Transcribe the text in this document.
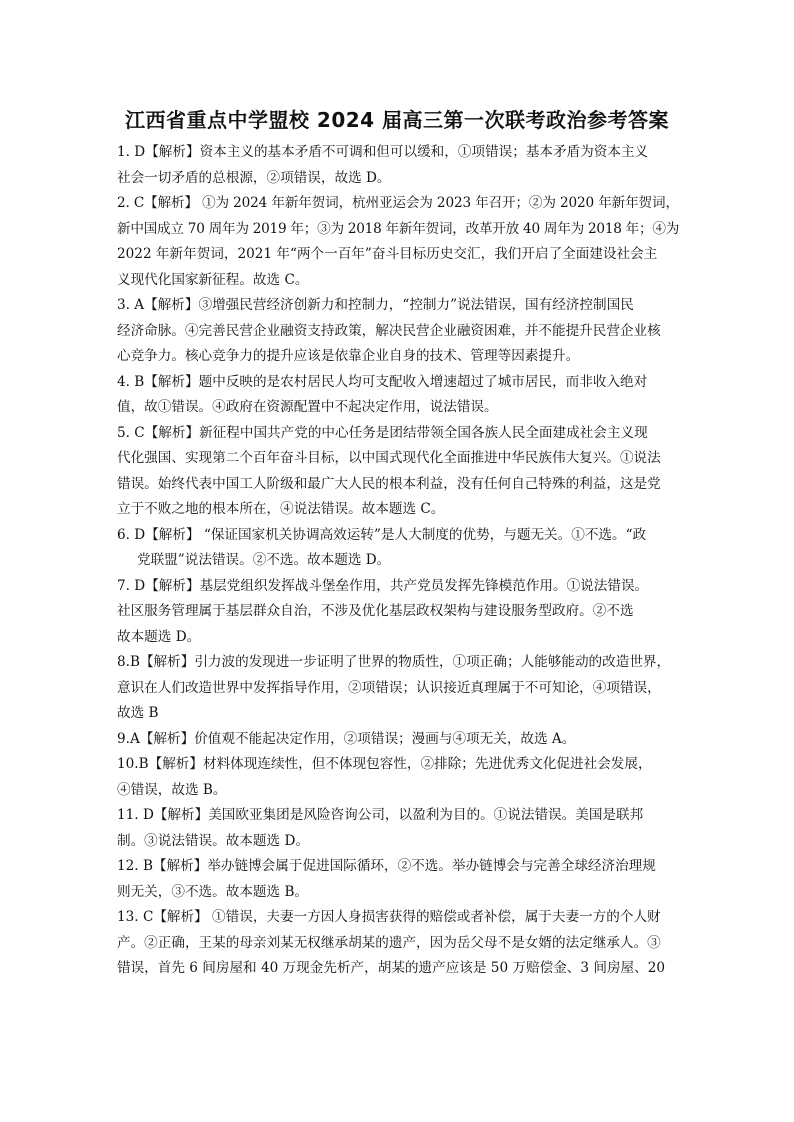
江西省重点中学盟校 2024 届高三第一次联考政治参考答案
1. D【解析】资本主义的基本矛盾不可调和但可以缓和，①项错误；基本矛盾为资本主义
社会一切矛盾的总根源，②项错误，故选 D。
2. C【解析】 ①为 2024 年新年贺词，杭州亚运会为 2023 年召开；②为 2020 年新年贺词，
新中国成立 70 周年为 2019 年；③为 2018 年新年贺词，改革开放 40 周年为 2018 年；④为
2022 年新年贺词，2021 年“两个一百年”奋斗目标历史交汇，我们开启了全面建设社会主
义现代化国家新征程。故选 C。
3. A【解析】③增强民营经济创新力和控制力，“控制力”说法错误，国有经济控制国民
经济命脉。④完善民营企业融资支持政策，解决民营企业融资困难，并不能提升民营企业核
心竞争力。核心竞争力的提升应该是依靠企业自身的技术、管理等因素提升。
4. B【解析】题中反映的是农村居民人均可支配收入增速超过了城市居民，而非收入绝对
值，故①错误。④政府在资源配置中不起决定作用，说法错误。
5. C【解析】新征程中国共产党的中心任务是团结带领全国各族人民全面建成社会主义现
代化强国、实现第二个百年奋斗目标，以中国式现代化全面推进中华民族伟大复兴。①说法
错误。始终代表中国工人阶级和最广大人民的根本利益，没有任何自己特殊的利益，这是党
立于不败之地的根本所在，④说法错误。故本题选 C。
6. D【解析】 “保证国家机关协调高效运转”是人大制度的优势，与题无关。①不选。“政
党联盟”说法错误。②不选。故本题选 D。
7. D【解析】基层党组织发挥战斗堡垒作用，共产党员发挥先锋模范作用。①说法错误。
社区服务管理属于基层群众自治，不涉及优化基层政权架构与建设服务型政府。②不选
故本题选 D。
8.B【解析】引力波的发现进一步证明了世界的物质性，①项正确；人能够能动的改造世界，
意识在人们改造世界中发挥指导作用，②项错误；认识接近真理属于不可知论，④项错误，
故选 B
9.A【解析】价值观不能起决定作用，②项错误；漫画与④项无关，故选 A。
10.B【解析】材料体现连续性，但不体现包容性，②排除；先进优秀文化促进社会发展，
④错误，故选 B。
11. D【解析】美国欧亚集团是风险咨询公司，以盈利为目的。①说法错误。美国是联邦
制。③说法错误。故本题选 D。
12. B【解析】举办链博会属于促进国际循环，②不选。举办链博会与完善全球经济治理规
则无关，③不选。故本题选 B。
13. C【解析】 ①错误，夫妻一方因人身损害获得的赔偿或者补偿，属于夫妻一方的个人财
产。②正确，王某的母亲刘某无权继承胡某的遗产，因为岳父母不是女婿的法定继承人。③
错误，首先 6 间房屋和 40 万现金先析产，胡某的遗产应该是 50 万赔偿金、3 间房屋、20
